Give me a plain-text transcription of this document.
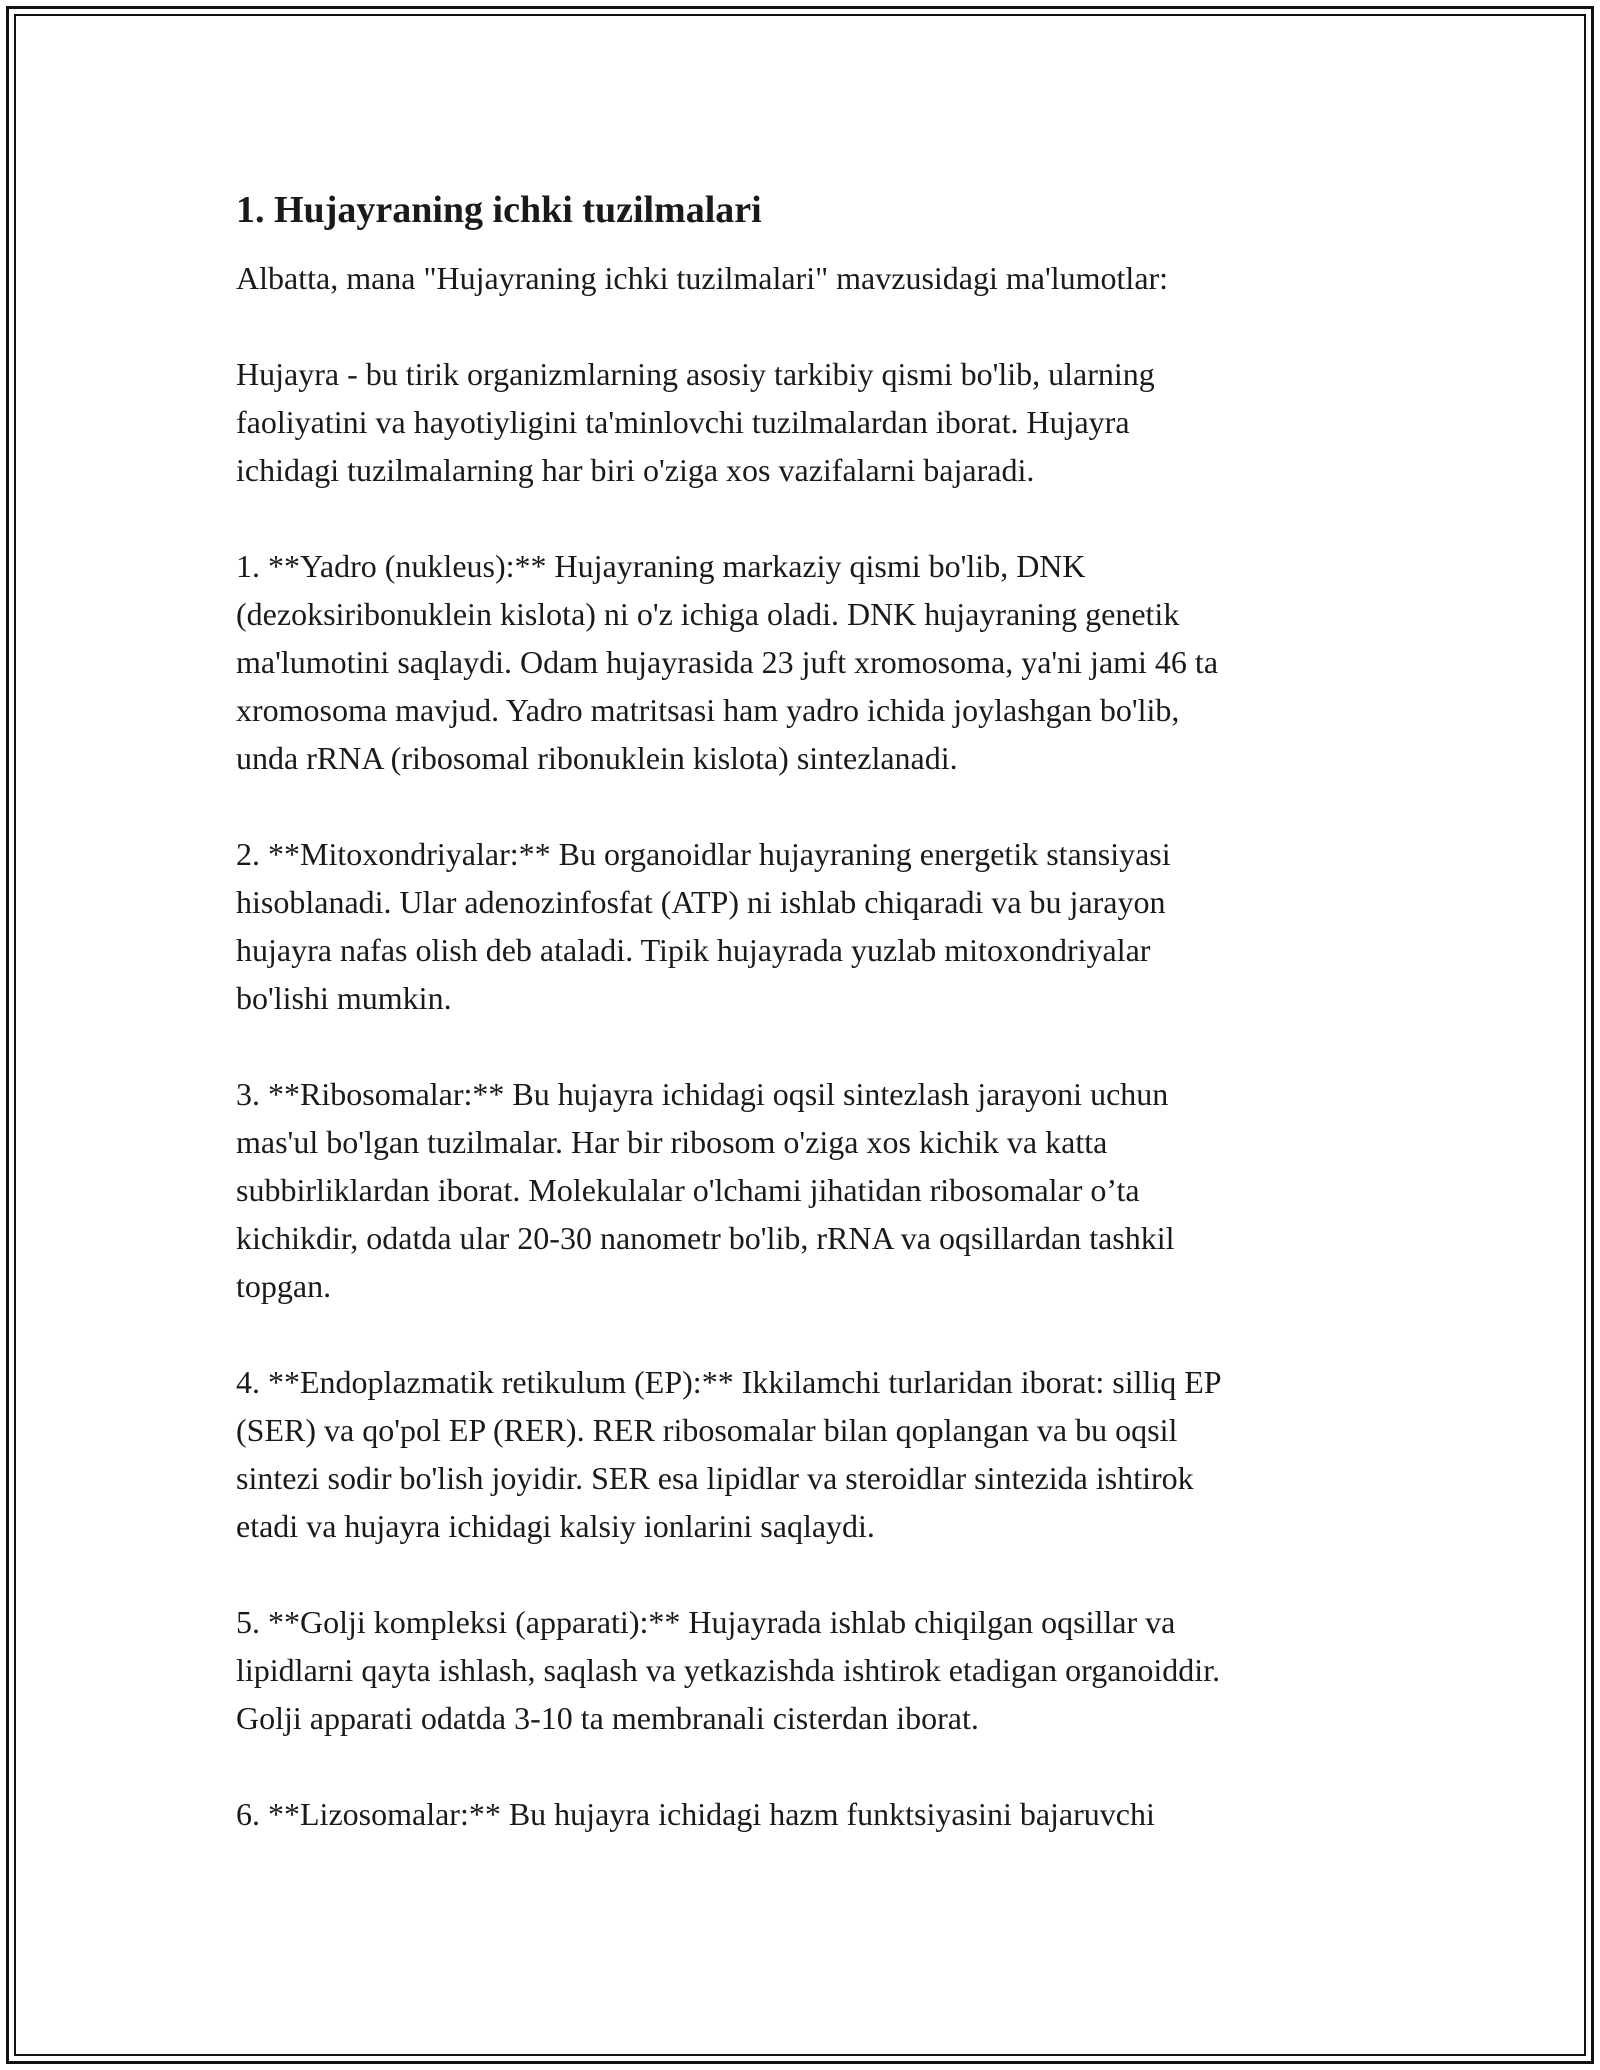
1. Hujayraning ichki tuzilmalari

Albatta, mana "Hujayraning ichki tuzilmalari" mavzusidagi ma'lumotlar:

Hujayra - bu tirik organizmlarning asosiy tarkibiy qismi bo'lib, ularning
faoliyatini va hayotiyligini ta'minlovchi tuzilmalardan iborat. Hujayra
ichidagi tuzilmalarning har biri o'ziga xos vazifalarni bajaradi.

1. **Yadro (nukleus):** Hujayraning markaziy qismi bo'lib, DNK
(dezoksiribonuklein kislota) ni o'z ichiga oladi. DNK hujayraning genetik
ma'lumotini saqlaydi. Odam hujayrasida 23 juft xromosoma, ya'ni jami 46 ta
xromosoma mavjud. Yadro matritsasi ham yadro ichida joylashgan bo'lib,
unda rRNA (ribosomal ribonuklein kislota) sintezlanadi.

2. **Mitoxondriyalar:** Bu organoidlar hujayraning energetik stansiyasi
hisoblanadi. Ular adenozinfosfat (ATP) ni ishlab chiqaradi va bu jarayon
hujayra nafas olish deb ataladi. Tipik hujayrada yuzlab mitoxondriyalar
bo'lishi mumkin.

3. **Ribosomalar:** Bu hujayra ichidagi oqsil sintezlash jarayoni uchun
mas'ul bo'lgan tuzilmalar. Har bir ribosom o'ziga xos kichik va katta
subbirliklardan iborat. Molekulalar o'lchami jihatidan ribosomalar o’ta
kichikdir, odatda ular 20-30 nanometr bo'lib, rRNA va oqsillardan tashkil
topgan.

4. **Endoplazmatik retikulum (EP):** Ikkilamchi turlaridan iborat: silliq EP
(SER) va qo'pol EP (RER). RER ribosomalar bilan qoplangan va bu oqsil
sintezi sodir bo'lish joyidir. SER esa lipidlar va steroidlar sintezida ishtirok
etadi va hujayra ichidagi kalsiy ionlarini saqlaydi.

5. **Golji kompleksi (apparati):** Hujayrada ishlab chiqilgan oqsillar va
lipidlarni qayta ishlash, saqlash va yetkazishda ishtirok etadigan organoiddir.
Golji apparati odatda 3-10 ta membranali cisterdan iborat.

6. **Lizosomalar:** Bu hujayra ichidagi hazm funktsiyasini bajaruvchi
